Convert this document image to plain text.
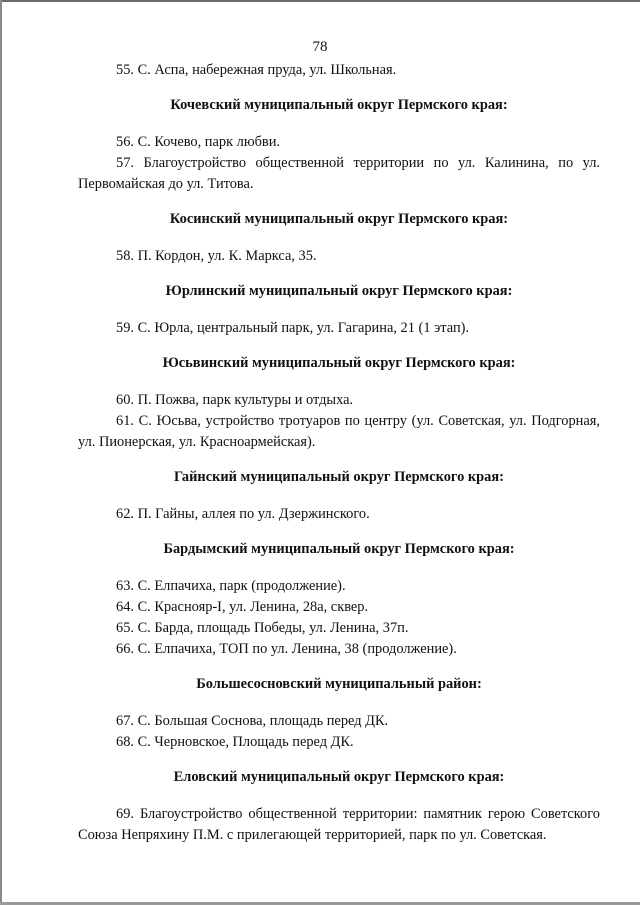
78

55. С. Аспа, набережная пруда, ул. Школьная.

Кочевский муниципальный округ Пермского края:

56. С. Кочево, парк любви.

57. Благоустройство общественной территории по ул. Калинина, по ул. Первомайская до ул. Титова.

Косинский муниципальный округ Пермского края:

58. П. Кордон, ул. К. Маркса, 35.

Юрлинский муниципальный округ Пермского края:

59. С. Юрла, центральный парк, ул. Гагарина, 21 (1 этап).

Юсьвинский муниципальный округ Пермского края:

60. П. Пожва, парк культуры и отдыха.

61. С. Юсьва, устройство тротуаров по центру (ул. Советская, ул. Подгорная, ул. Пионерская, ул. Красноармейская).

Гайнский муниципальный округ Пермского края:

62. П. Гайны, аллея по ул. Дзержинского.

Бардымский муниципальный округ Пермского края:

63. С. Елпачиха, парк (продолжение).

64. С. Краснояр-I, ул. Ленина, 28а, сквер.

65. С. Барда, площадь Победы, ул. Ленина, 37п.

66. С. Елпачиха, ТОП по ул. Ленина, 38 (продолжение).

Большесосновский муниципальный район:

67. С. Большая Соснова, площадь перед ДК.

68. С. Черновское, Площадь перед ДК.

Еловский муниципальный округ Пермского края:

69. Благоустройство общественной территории: памятник герою Советского Союза Непряхину П.М. с прилегающей территорией, парк по ул. Советская.
